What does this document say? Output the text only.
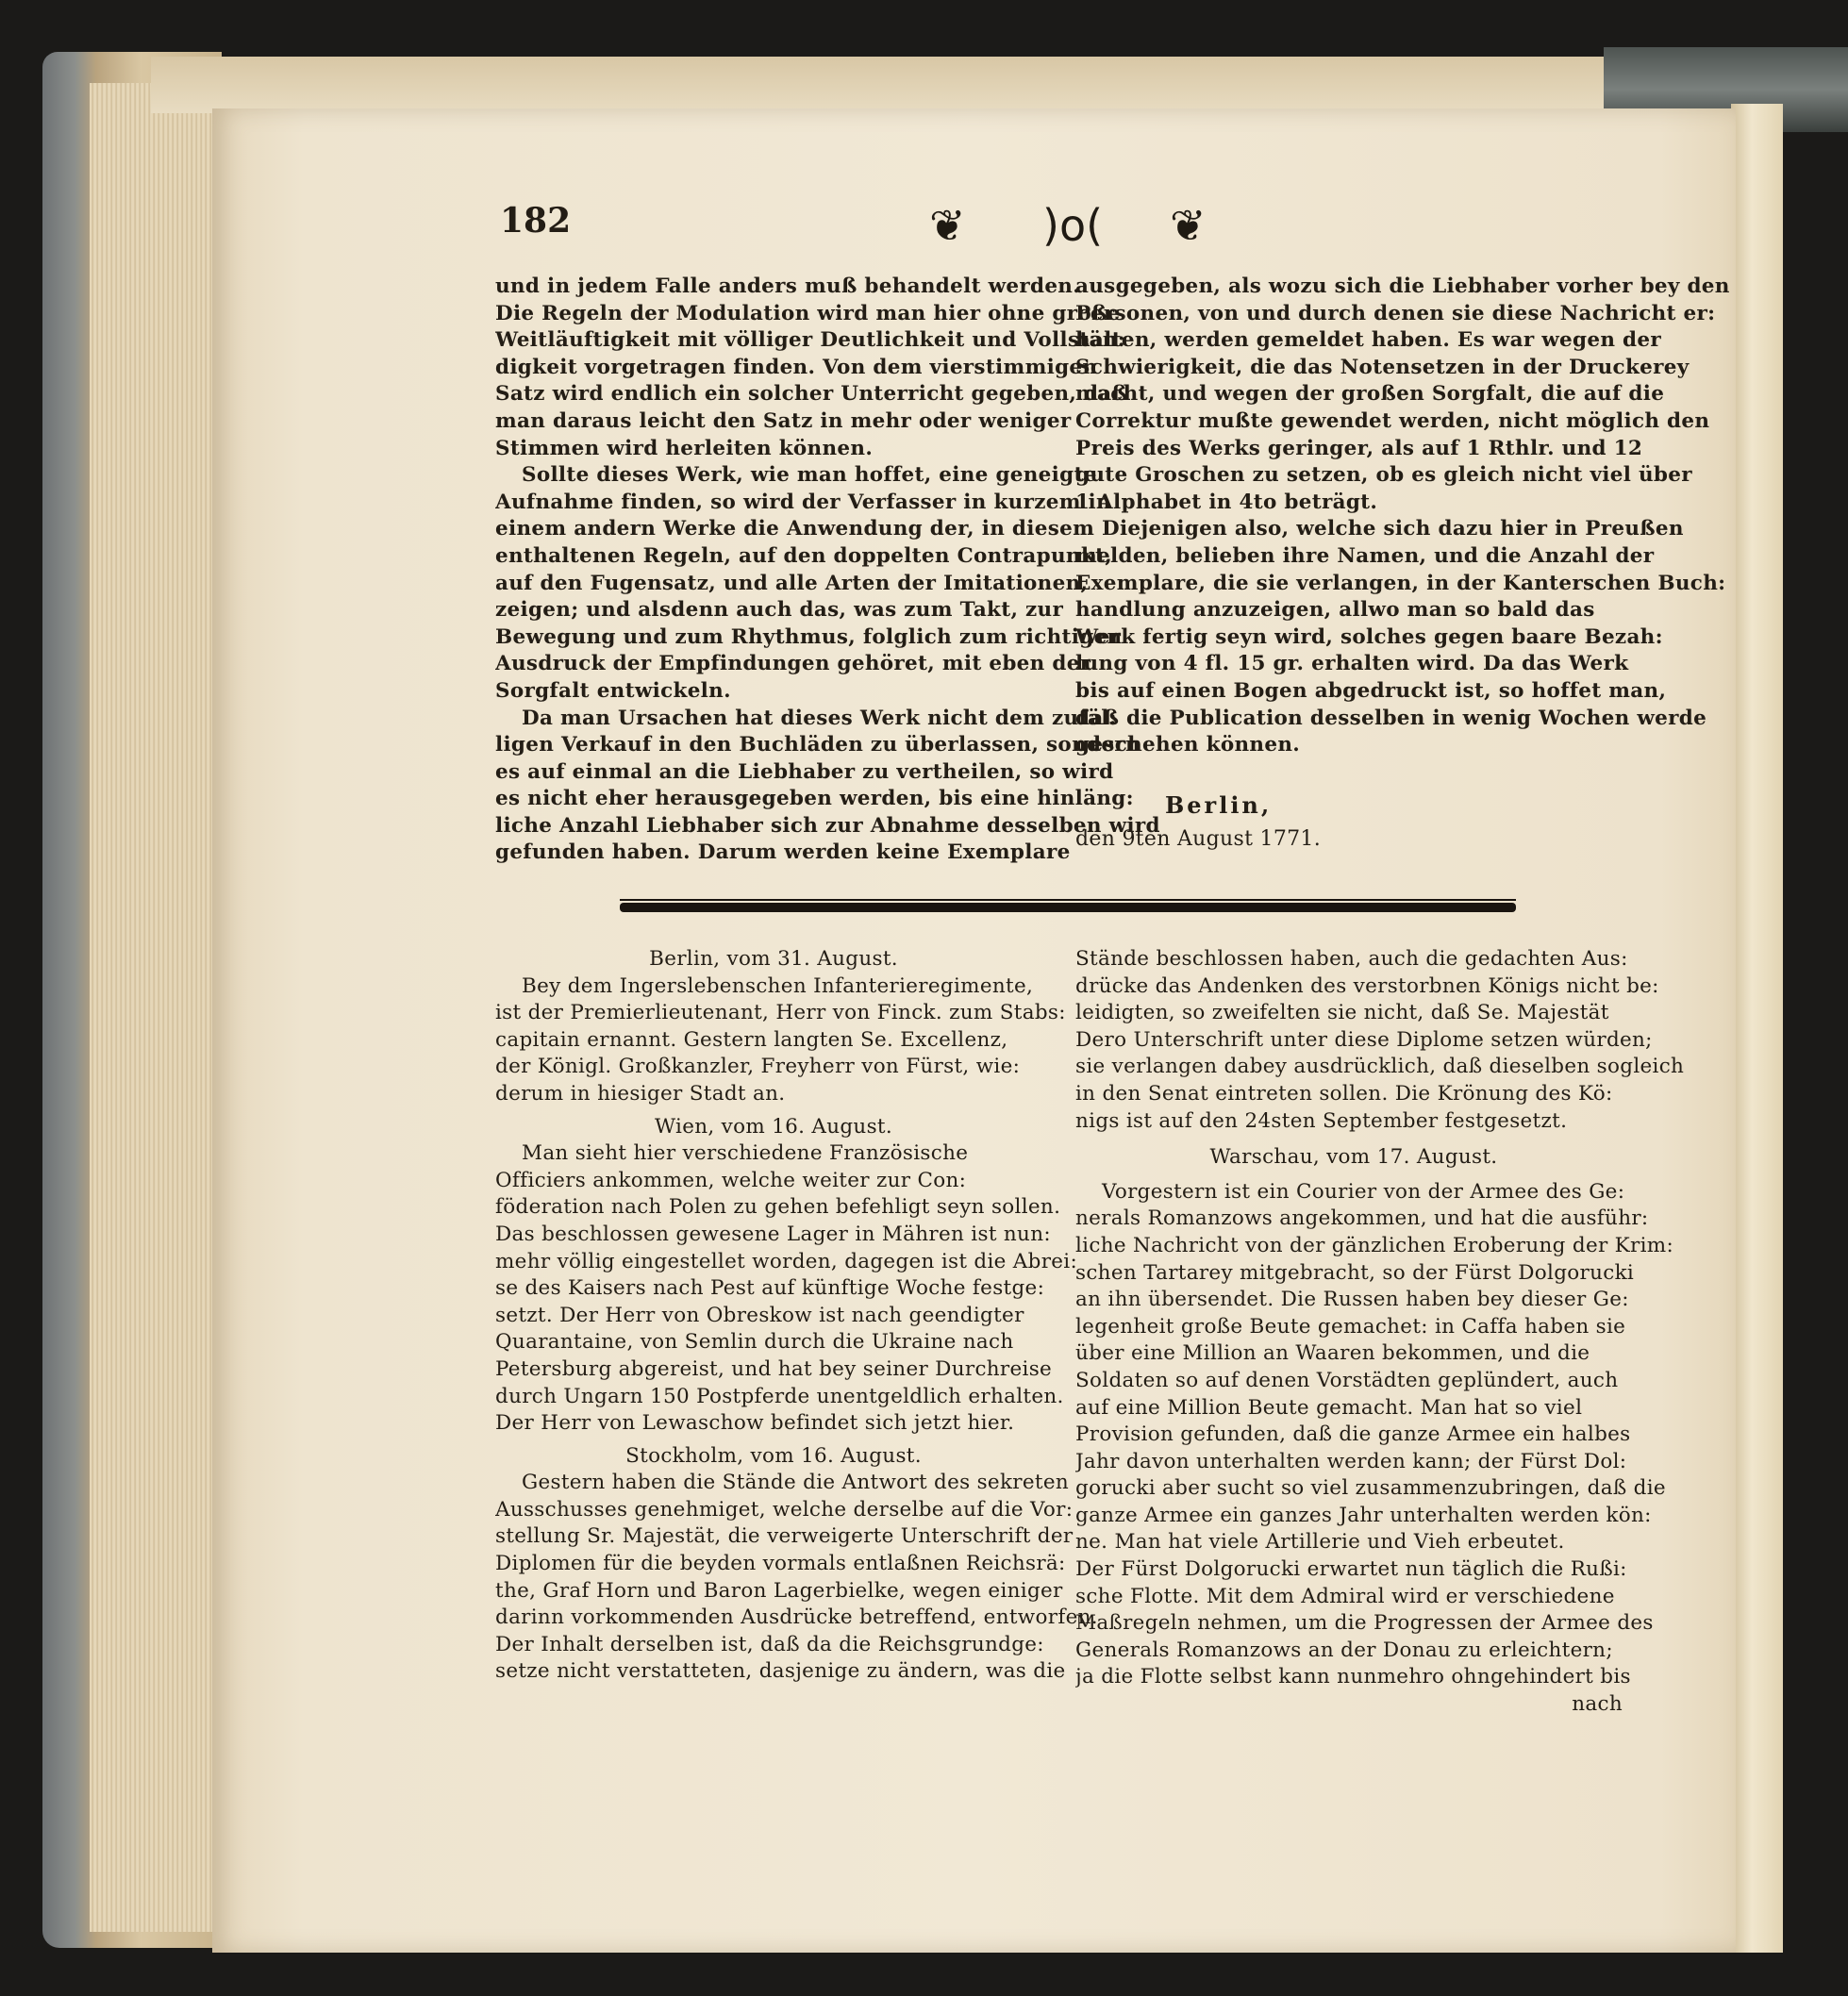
182	❦ )o( ❦
und in jedem Falle anders muß behandelt werden.
Die Regeln der Modulation wird man hier ohne große
Weitläuftigkeit mit völliger Deutlichkeit und Vollstän:
digkeit vorgetragen finden. Von dem vierstimmigen
Satz wird endlich ein solcher Unterricht gegeben, daß
man daraus leicht den Satz in mehr oder weniger
Stimmen wird herleiten können.
Sollte dieses Werk, wie man hoffet, eine geneigte
Aufnahme finden, so wird der Verfasser in kurzem in
einem andern Werke die Anwendung der, in diesem
enthaltenen Regeln, auf den doppelten Contrapunkt,
auf den Fugensatz, und alle Arten der Imitationen,
zeigen; und alsdenn auch das, was zum Takt, zur
Bewegung und zum Rhythmus, folglich zum richtigen
Ausdruck der Empfindungen gehöret, mit eben der
Sorgfalt entwickeln.
Da man Ursachen hat dieses Werk nicht dem zufäl:
ligen Verkauf in den Buchläden zu überlassen, sondern
es auf einmal an die Liebhaber zu vertheilen, so wird
es nicht eher herausgegeben werden, bis eine hinläng:
liche Anzahl Liebhaber sich zur Abnahme desselben wird
gefunden haben. Darum werden keine Exemplare
ausgegeben, als wozu sich die Liebhaber vorher bey den
Personen, von und durch denen sie diese Nachricht er:
halten, werden gemeldet haben. Es war wegen der
Schwierigkeit, die das Notensetzen in der Druckerey
macht, und wegen der großen Sorgfalt, die auf die
Correktur mußte gewendet werden, nicht möglich den
Preis des Werks geringer, als auf 1 Rthlr. und 12
gute Groschen zu setzen, ob es gleich nicht viel über
1 Alphabet in 4to beträgt.
Diejenigen also, welche sich dazu hier in Preußen
melden, belieben ihre Namen, und die Anzahl der
Exemplare, die sie verlangen, in der Kanterschen Buch:
handlung anzuzeigen, allwo man so bald das
Werk fertig seyn wird, solches gegen baare Bezah:
lung von 4 fl. 15 gr. erhalten wird. Da das Werk
bis auf einen Bogen abgedruckt ist, so hoffet man,
daß die Publication desselben in wenig Wochen werde
geschehen können.
Berlin,
den 9ten August 1771.
Berlin, vom 31. August.
Bey dem Ingerslebenschen Infanterieregimente,
ist der Premierlieutenant, Herr von Finck. zum Stabs:
capitain ernannt. Gestern langten Se. Excellenz,
der Königl. Großkanzler, Freyherr von Fürst, wie:
derum in hiesiger Stadt an.
Wien, vom 16. August.
Man sieht hier verschiedene Französische
Officiers ankommen, welche weiter zur Con:
föderation nach Polen zu gehen befehligt seyn sollen.
Das beschlossen gewesene Lager in Mähren ist nun:
mehr völlig eingestellet worden, dagegen ist die Abrei:
se des Kaisers nach Pest auf künftige Woche festge:
setzt. Der Herr von Obreskow ist nach geendigter
Quarantaine, von Semlin durch die Ukraine nach
Petersburg abgereist, und hat bey seiner Durchreise
durch Ungarn 150 Postpferde unentgeldlich erhalten.
Der Herr von Lewaschow befindet sich jetzt hier.
Stockholm, vom 16. August.
Gestern haben die Stände die Antwort des sekreten
Ausschusses genehmiget, welche derselbe auf die Vor:
stellung Sr. Majestät, die verweigerte Unterschrift der
Diplomen für die beyden vormals entlaßnen Reichsrä:
the, Graf Horn und Baron Lagerbielke, wegen einiger
darinn vorkommenden Ausdrücke betreffend, entworfen.
Der Inhalt derselben ist, daß da die Reichsgrundge:
setze nicht verstatteten, dasjenige zu ändern, was die
Stände beschlossen haben, auch die gedachten Aus:
drücke das Andenken des verstorbnen Königs nicht be:
leidigten, so zweifelten sie nicht, daß Se. Majestät
Dero Unterschrift unter diese Diplome setzen würden;
sie verlangen dabey ausdrücklich, daß dieselben sogleich
in den Senat eintreten sollen. Die Krönung des Kö:
nigs ist auf den 24sten September festgesetzt.
Warschau, vom 17. August.
Vorgestern ist ein Courier von der Armee des Ge:
nerals Romanzows angekommen, und hat die ausführ:
liche Nachricht von der gänzlichen Eroberung der Krim:
schen Tartarey mitgebracht, so der Fürst Dolgorucki
an ihn übersendet. Die Russen haben bey dieser Ge:
legenheit große Beute gemachet: in Caffa haben sie
über eine Million an Waaren bekommen, und die
Soldaten so auf denen Vorstädten geplündert, auch
auf eine Million Beute gemacht. Man hat so viel
Provision gefunden, daß die ganze Armee ein halbes
Jahr davon unterhalten werden kann; der Fürst Dol:
gorucki aber sucht so viel zusammenzubringen, daß die
ganze Armee ein ganzes Jahr unterhalten werden kön:
ne. Man hat viele Artillerie und Vieh erbeutet.
Der Fürst Dolgorucki erwartet nun täglich die Rußi:
sche Flotte. Mit dem Admiral wird er verschiedene
Maßregeln nehmen, um die Progressen der Armee des
Generals Romanzows an der Donau zu erleichtern;
ja die Flotte selbst kann nunmehro ohngehindert bis
nach
